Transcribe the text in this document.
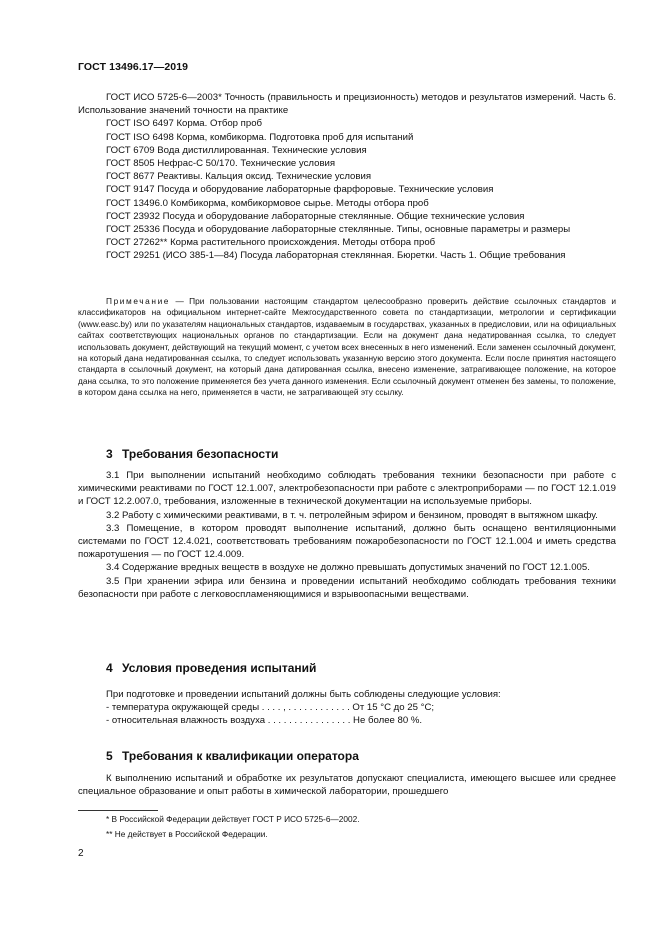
ГОСТ 13496.17—2019

ГОСТ ИСО 5725-6—2003* Точность (правильность и прецизионность) методов и результатов измерений. Часть 6. Использование значений точности на практике

ГОСТ ISO 6497 Корма. Отбор проб

ГОСТ ISO 6498 Корма, комбикорма. Подготовка проб для испытаний

ГОСТ 6709 Вода дистиллированная. Технические условия

ГОСТ 8505 Нефрас-С 50/170. Технические условия

ГОСТ 8677 Реактивы. Кальция оксид. Технические условия

ГОСТ 9147 Посуда и оборудование лабораторные фарфоровые. Технические условия

ГОСТ 13496.0 Комбикорма, комбикормовое сырье. Методы отбора проб

ГОСТ 23932 Посуда и оборудование лабораторные стеклянные. Общие технические условия

ГОСТ 25336 Посуда и оборудование лабораторные стеклянные. Типы, основные параметры и размеры

ГОСТ 27262** Корма растительного происхождения. Методы отбора проб

ГОСТ 29251 (ИСО 385-1—84) Посуда лабораторная стеклянная. Бюретки. Часть 1. Общие требования

Примечание — При пользовании настоящим стандартом целесообразно проверить действие ссылочных стандартов и классификаторов на официальном интернет-сайте Межгосударственного совета по стандартизации, метрологии и сертификации (www.easc.by) или по указателям национальных стандартов, издаваемым в государствах, указанных в предисловии, или на официальных сайтах соответствующих национальных органов по стандартизации. Если на документ дана недатированная ссылка, то следует использовать документ, действующий на текущий момент, с учетом всех внесенных в него изменений. Если заменен ссылочный документ, на который дана недатированная ссылка, то следует использовать указанную версию этого документа. Если после принятия настоящего стандарта в ссылочный документ, на который дана датированная ссылка, внесено изменение, затрагивающее положение, на которое дана ссылка, то это положение применяется без учета данного изменения. Если ссылочный документ отменен без замены, то положение, в котором дана ссылка на него, применяется в части, не затрагивающей эту ссылку.

3 Требования безопасности

3.1 При выполнении испытаний необходимо соблюдать требования техники безопасности при работе с химическими реактивами по ГОСТ 12.1.007, электробезопасности при работе с электроприборами — по ГОСТ 12.1.019 и ГОСТ 12.2.007.0, требования, изложенные в технической документации на используемые приборы.

3.2 Работу с химическими реактивами, в т. ч. петролейным эфиром и бензином, проводят в вытяжном шкафу.

3.3 Помещение, в котором проводят выполнение испытаний, должно быть оснащено вентиляционными системами по ГОСТ 12.4.021, соответствовать требованиям пожаробезопасности по ГОСТ 12.1.004 и иметь средства пожаротушения — по ГОСТ 12.4.009.

3.4 Содержание вредных веществ в воздухе не должно превышать допустимых значений по ГОСТ 12.1.005.

3.5 При хранении эфира или бензина и проведении испытаний необходимо соблюдать требования техники безопасности при работе с легковоспламеняющимися и взрывоопасными веществами.

4 Условия проведения испытаний

При подготовке и проведении испытаний должны быть соблюдены следующие условия:

- температура окружающей среды . . . . , . . . . . . . . . . . . От 15 °С до 25 °С;

- относительная влажность воздуха . . . . . . . . . . . . . . . . Не более 80 %.

5 Требования к квалификации оператора

К выполнению испытаний и обработке их результатов допускают специалиста, имеющего высшее или среднее специальное образование и опыт работы в химической лаборатории, прошедшего

* В Российской Федерации действует ГОСТ Р ИСО 5725-6—2002.
** Не действует в Российской Федерации.
2
